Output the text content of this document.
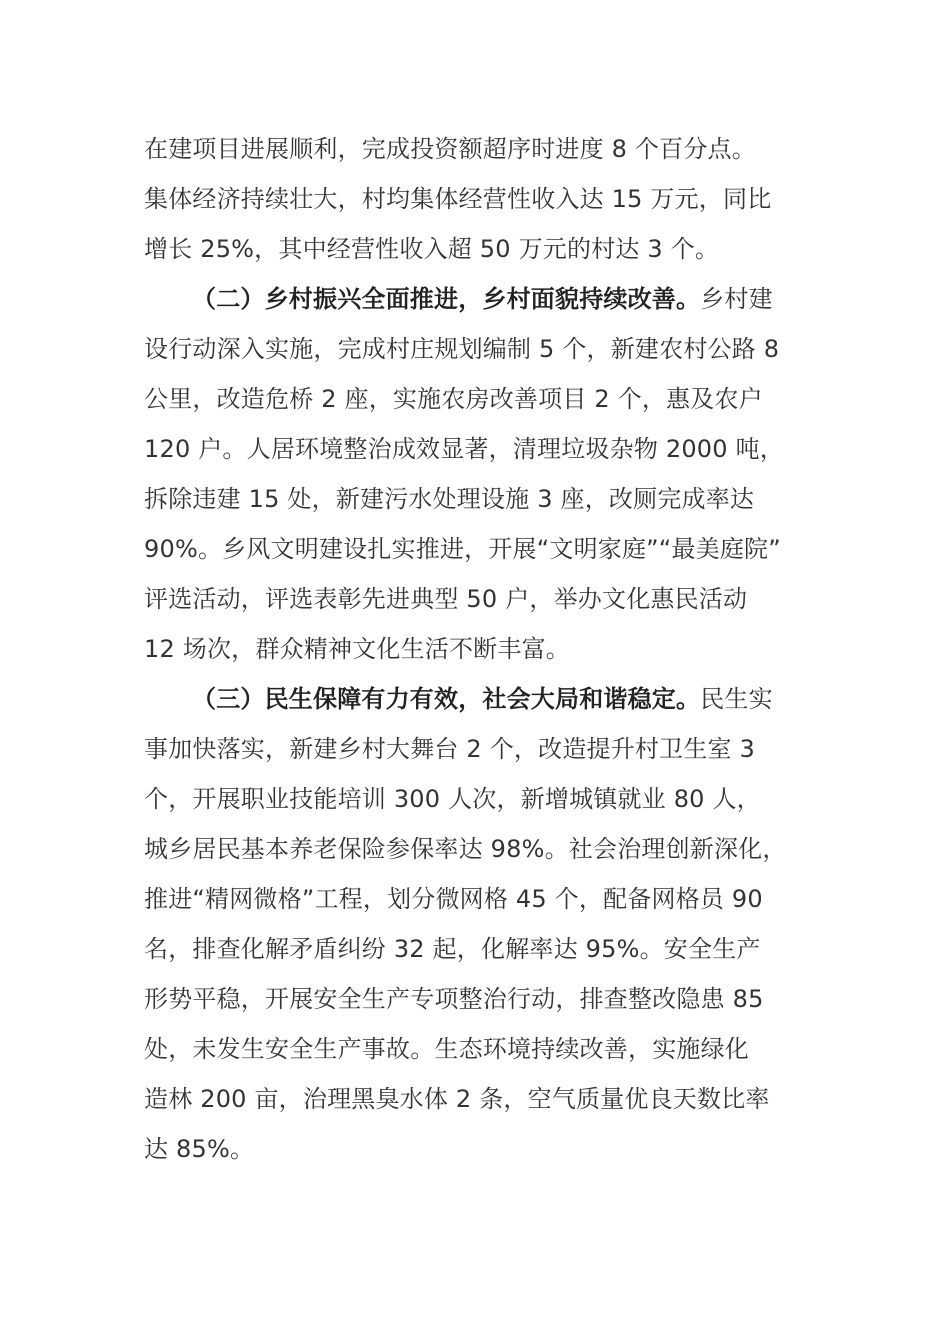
在建项目进展顺利，完成投资额超序时进度 8 个百分点。
集体经济持续壮大，村均集体经营性收入达 15 万元，同比
增长 25%，其中经营性收入超 50 万元的村达 3 个。
（二）乡村振兴全面推进，乡村面貌持续改善。乡村建
设行动深入实施，完成村庄规划编制 5 个，新建农村公路 8
公里，改造危桥 2 座，实施农房改善项目 2 个，惠及农户
120 户。人居环境整治成效显著，清理垃圾杂物 2000 吨，
拆除违建 15 处，新建污水处理设施 3 座，改厕完成率达
90%。乡风文明建设扎实推进，开展“文明家庭”“最美庭院”
评选活动，评选表彰先进典型 50 户，举办文化惠民活动
12 场次，群众精神文化生活不断丰富。
（三）民生保障有力有效，社会大局和谐稳定。民生实
事加快落实，新建乡村大舞台 2 个，改造提升村卫生室 3
个，开展职业技能培训 300 人次，新增城镇就业 80 人，
城乡居民基本养老保险参保率达 98%。社会治理创新深化，
推进“精网微格”工程，划分微网格 45 个，配备网格员 90
名，排查化解矛盾纠纷 32 起，化解率达 95%。安全生产
形势平稳，开展安全生产专项整治行动，排查整改隐患 85
处，未发生安全生产事故。生态环境持续改善，实施绿化
造林 200 亩，治理黑臭水体 2 条，空气质量优良天数比率
达 85%。
